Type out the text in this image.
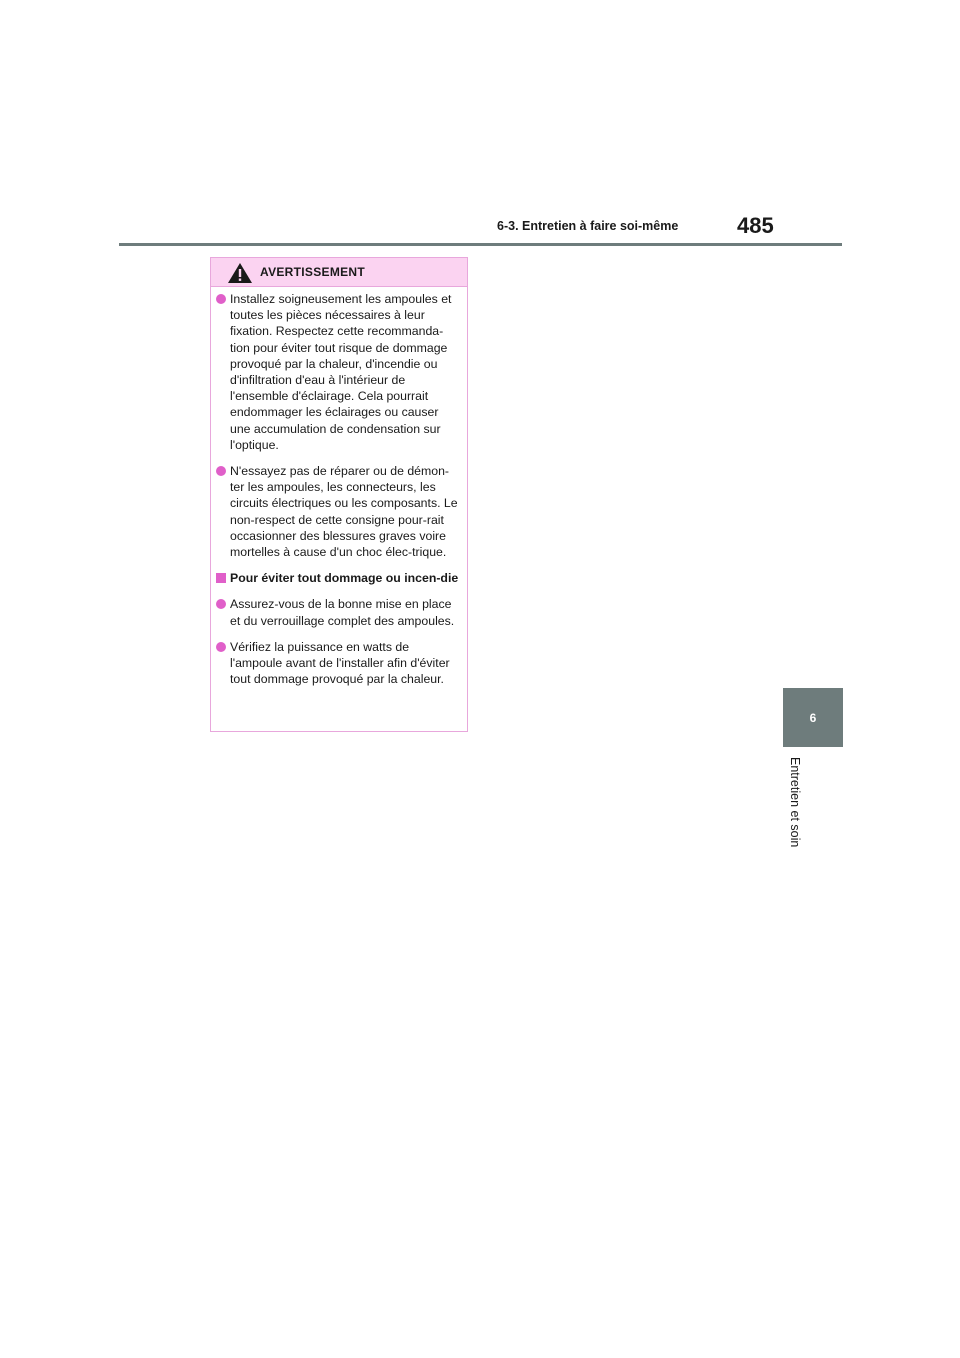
6-3. Entretien à faire soi-même	485
6
Entretien et soin
AVERTISSEMENT
Installez soigneusement les ampoules et toutes les pièces nécessaires à leur fixation. Respectez cette recommanda-tion pour éviter tout risque de dommage provoqué par la chaleur, d'incendie ou d'infiltration d'eau à l'intérieur de l'ensemble d'éclairage. Cela pourrait endommager les éclairages ou causer une accumulation de condensation sur l'optique.
N'essayez pas de réparer ou de démon-ter les ampoules, les connecteurs, les circuits électriques ou les composants. Le non-respect de cette consigne pour-rait occasionner des blessures graves voire mortelles à cause d'un choc élec-trique.
Pour éviter tout dommage ou incen-die
Assurez-vous de la bonne mise en place et du verrouillage complet des ampoules.
Vérifiez la puissance en watts de l'ampoule avant de l'installer afin d'éviter tout dommage provoqué par la chaleur.
